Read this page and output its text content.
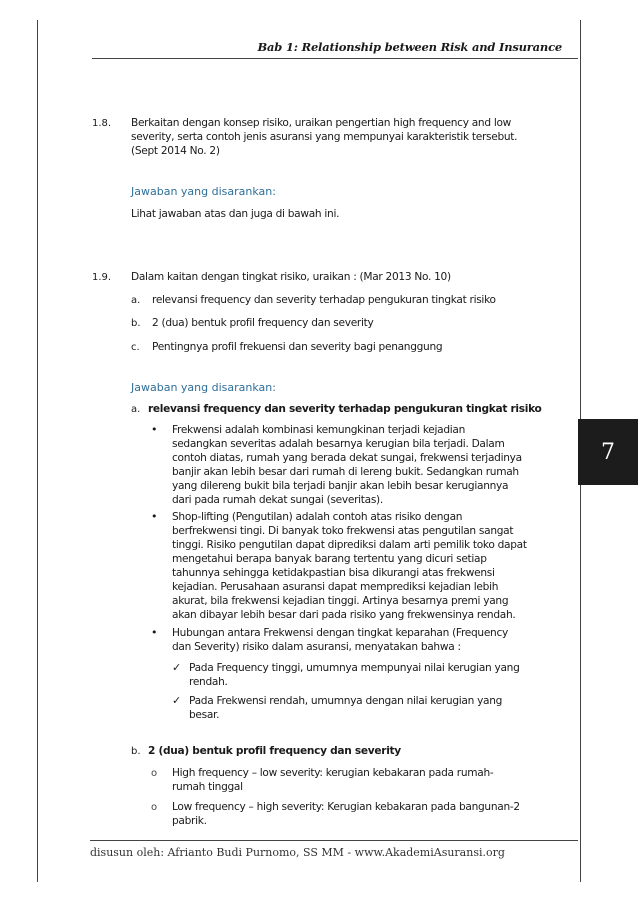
Bab 1: Relationship between Risk and Insurance
7
1.8. Berkaitan dengan konsep risiko, uraikan pengertian high frequency and low
severity, serta contoh jenis asuransi yang mempunyai karakteristik tersebut.
(Sept 2014 No. 2)
Jawaban yang disarankan:
Lihat jawaban atas dan juga di bawah ini.
1.9. Dalam kaitan dengan tingkat risiko, uraikan : (Mar 2013 No. 10)
a. relevansi frequency dan severity terhadap pengukuran tingkat risiko
b. 2 (dua) bentuk profil frequency dan severity
c. Pentingnya profil frekuensi dan severity bagi penanggung
Jawaban yang disarankan:
a. relevansi frequency dan severity terhadap pengukuran tingkat risiko
• Frekwensi adalah kombinasi kemungkinan terjadi kejadian
sedangkan severitas adalah besarnya kerugian bila terjadi. Dalam
contoh diatas, rumah yang berada dekat sungai, frekwensi terjadinya
banjir akan lebih besar dari rumah di lereng bukit. Sedangkan rumah
yang dilereng bukit bila terjadi banjir akan lebih besar kerugiannya
dari pada rumah dekat sungai (severitas).
• Shop-lifting (Pengutilan) adalah contoh atas risiko dengan
berfrekwensi tingi. Di banyak toko frekwensi atas pengutilan sangat
tinggi. Risiko pengutilan dapat diprediksi dalam arti pemilik toko dapat
mengetahui berapa banyak barang tertentu yang dicuri setiap
tahunnya sehingga ketidakpastian bisa dikurangi atas frekwensi
kejadian. Perusahaan asuransi dapat memprediksi kejadian lebih
akurat, bila frekwensi kejadian tinggi. Artinya besarnya premi yang
akan dibayar lebih besar dari pada risiko yang frekwensinya rendah.
• Hubungan antara Frekwensi dengan tingkat keparahan (Frequency
dan Severity) risiko dalam asuransi, menyatakan bahwa :
✓ Pada Frequency tinggi, umumnya mempunyai nilai kerugian yang
rendah.
✓ Pada Frekwensi rendah, umumnya dengan nilai kerugian yang
besar.
b. 2 (dua) bentuk profil frequency dan severity
o High frequency – low severity: kerugian kebakaran pada rumah-
rumah tinggal
o Low frequency – high severity: Kerugian kebakaran pada bangunan-2
pabrik.
disusun oleh: Afrianto Budi Purnomo, SS MM - www.AkademiAsuransi.org
